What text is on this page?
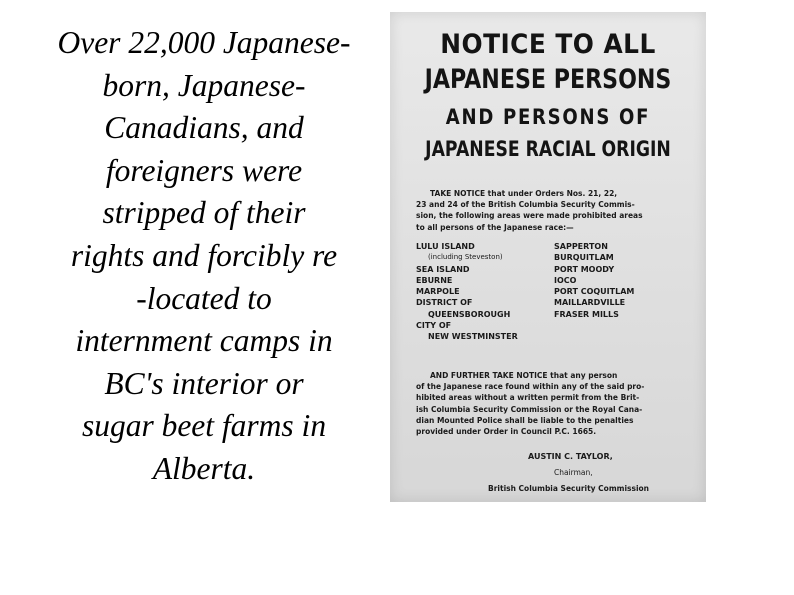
Over 22,000 Japanese-
born, Japanese-
Canadians, and
foreigners were
stripped of their
rights and forcibly re
-located to
internment camps in
BC's interior or
sugar beet farms in
Alberta.
NOTICE TO ALL
JAPANESE PERSONS
AND PERSONS OF
JAPANESE RACIAL ORIGIN
TAKE NOTICE that under Orders Nos. 21, 22,
23 and 24 of the British Columbia Security Commis-
sion, the following areas were made prohibited areas
to all persons of the Japanese race:—
LULU ISLAND
(including Steveston)
SEA ISLAND
EBURNE
MARPOLE
DISTRICT OF
QUEENSBOROUGH
CITY OF
NEW WESTMINSTER
SAPPERTON
BURQUITLAM
PORT MOODY
IOCO
PORT COQUITLAM
MAILLARDVILLE
FRASER MILLS
AND FURTHER TAKE NOTICE that any person
of the Japanese race found within any of the said pro-
hibited areas without a written permit from the Brit-
ish Columbia Security Commission or the Royal Cana-
dian Mounted Police shall be liable to the penalties
provided under Order in Council P.C. 1665.
AUSTIN C. TAYLOR,
Chairman,
British Columbia Security Commission
